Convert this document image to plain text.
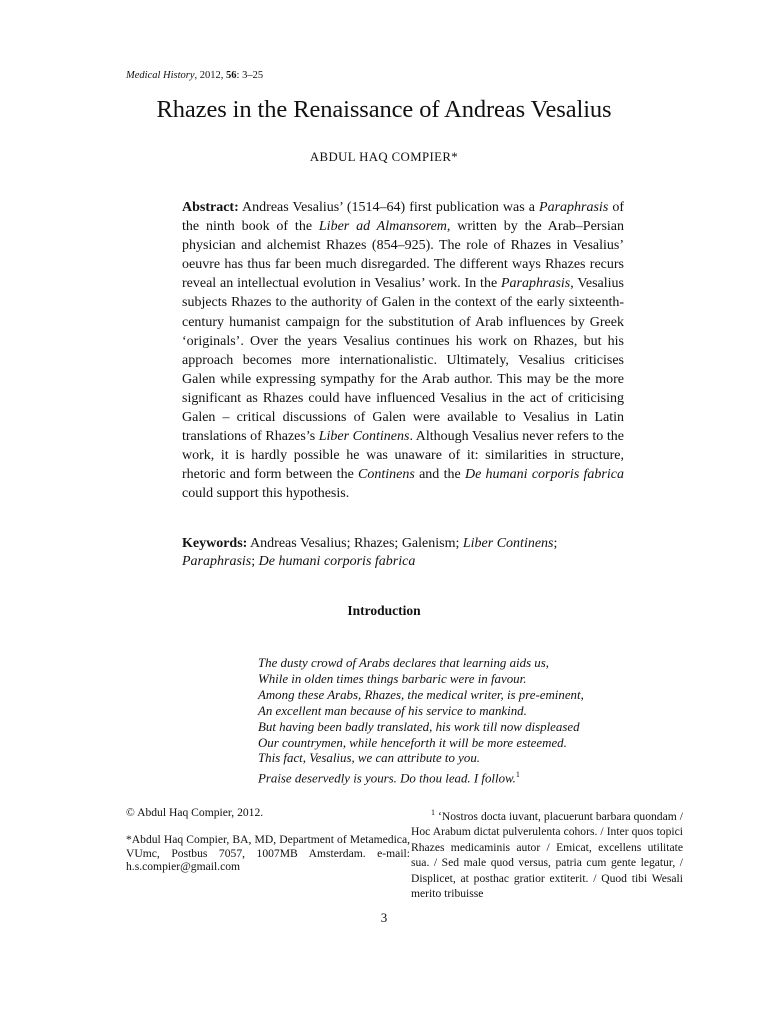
Medical History, 2012, 56: 3–25
Rhazes in the Renaissance of Andreas Vesalius
ABDUL HAQ COMPIER*
Abstract: Andreas Vesalius’ (1514–64) first publication was a Paraphrasis of the ninth book of the Liber ad Almansorem, written by the Arab–Persian physician and alchemist Rhazes (854–925). The role of Rhazes in Vesalius’ oeuvre has thus far been much disregarded. The different ways Rhazes recurs reveal an intellectual evolution in Vesalius’ work. In the Paraphrasis, Vesalius subjects Rhazes to the authority of Galen in the context of the early sixteenth-century humanist campaign for the substitution of Arab influences by Greek ‘originals’. Over the years Vesalius continues his work on Rhazes, but his approach becomes more internationalistic. Ultimately, Vesalius criticises Galen while expressing sympathy for the Arab author. This may be the more significant as Rhazes could have influenced Vesalius in the act of criticising Galen – critical discussions of Galen were available to Vesalius in Latin translations of Rhazes’s Liber Continens. Although Vesalius never refers to the work, it is hardly possible he was unaware of it: similarities in structure, rhetoric and form between the Continens and the De humani corporis fabrica could support this hypothesis.
Keywords: Andreas Vesalius; Rhazes; Galenism; Liber Continens;
Paraphrasis; De humani corporis fabrica
Introduction
The dusty crowd of Arabs declares that learning aids us,
While in olden times things barbaric were in favour.
Among these Arabs, Rhazes, the medical writer, is pre-eminent,
An excellent man because of his service to mankind.
But having been badly translated, his work till now displeased
Our countrymen, while henceforth it will be more esteemed.
This fact, Vesalius, we can attribute to you.
Praise deservedly is yours. Do thou lead. I follow.$^1$
© Abdul Haq Compier, 2012.
*Abdul Haq Compier, BA, MD, Department of Metamedica, VUmc, Postbus 7057, 1007MB Amsterdam. e-mail: h.s.compier@gmail.com
$^1$ ‘Nostros docta iuvant, placuerunt barbara quondam / Hoc Arabum dictat pulverulenta cohors. / Inter quos topici Rhazes medicaminis autor / Emicat, excellens utilitate sua. / Sed male quod versus, patria cum gente legatur, / Displicet, at posthac gratior extiterit. / Quod tibi Wesali merito tribuisse
3
